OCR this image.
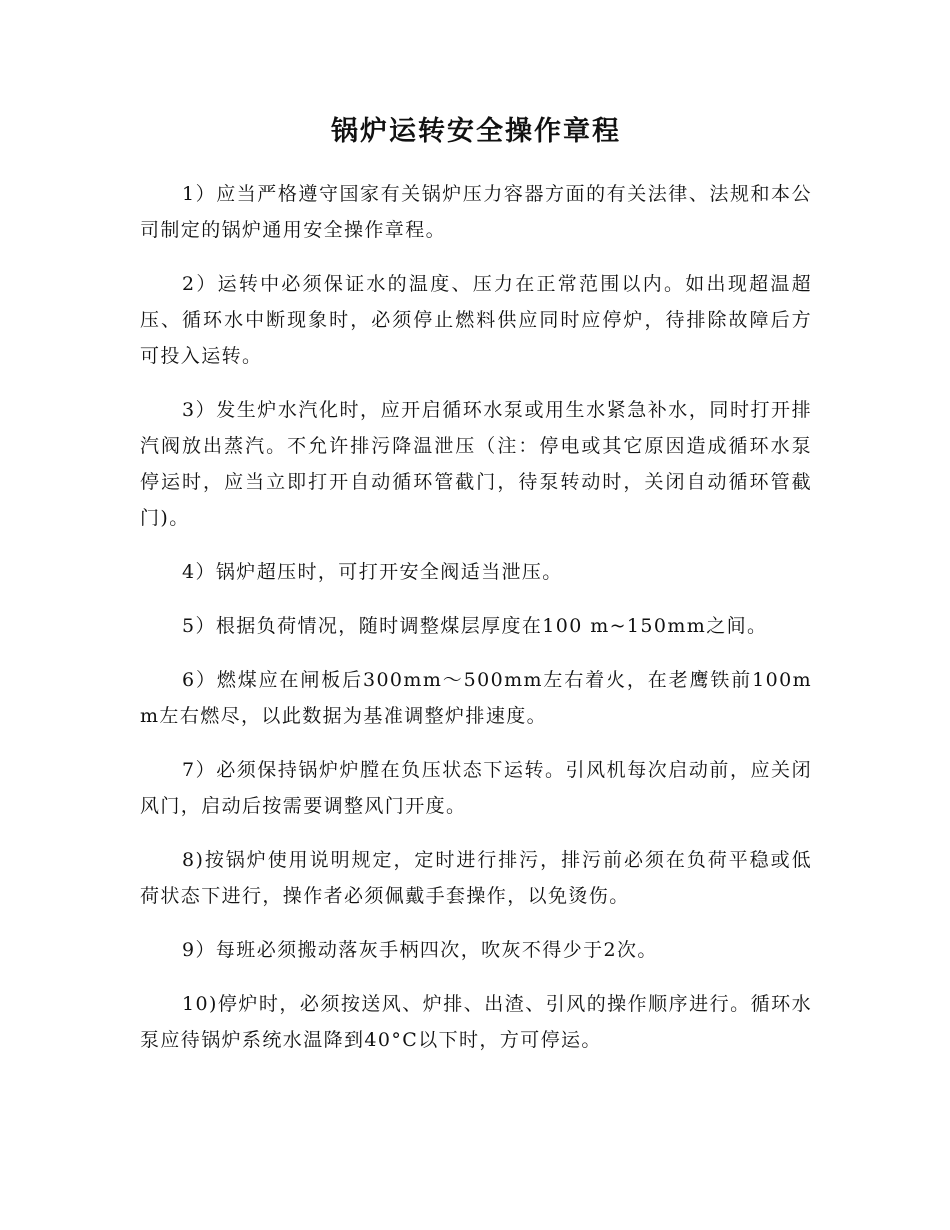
锅炉运转安全操作章程

1）应当严格遵守国家有关锅炉压力容器方面的有关法律、法规和本公司制定的锅炉通用安全操作章程。

2）运转中必须保证水的温度、压力在正常范围以内。如出现超温超压、循环水中断现象时，必须停止燃料供应同时应停炉，待排除故障后方可投入运转。

3）发生炉水汽化时，应开启循环水泵或用生水紧急补水，同时打开排汽阀放出蒸汽。不允许排污降温泄压（注：停电或其它原因造成循环水泵停运时，应当立即打开自动循环管截门，待泵转动时，关闭自动循环管截门)。

4）锅炉超压时，可打开安全阀适当泄压。

5）根据负荷情况，随时调整煤层厚度在100 m~150mm之间。

6）燃煤应在闸板后300mm～500mm左右着火，在老鹰铁前100mm左右燃尽，以此数据为基准调整炉排速度。

7）必须保持锅炉炉膛在负压状态下运转。引风机每次启动前，应关闭风门，启动后按需要调整风门开度。

8)按锅炉使用说明规定，定时进行排污，排污前必须在负荷平稳或低荷状态下进行，操作者必须佩戴手套操作，以免烫伤。

9）每班必须搬动落灰手柄四次，吹灰不得少于2次。

10)停炉时，必须按送风、炉排、出渣、引风的操作顺序进行。循环水泵应待锅炉系统水温降到40°C以下时，方可停运。
